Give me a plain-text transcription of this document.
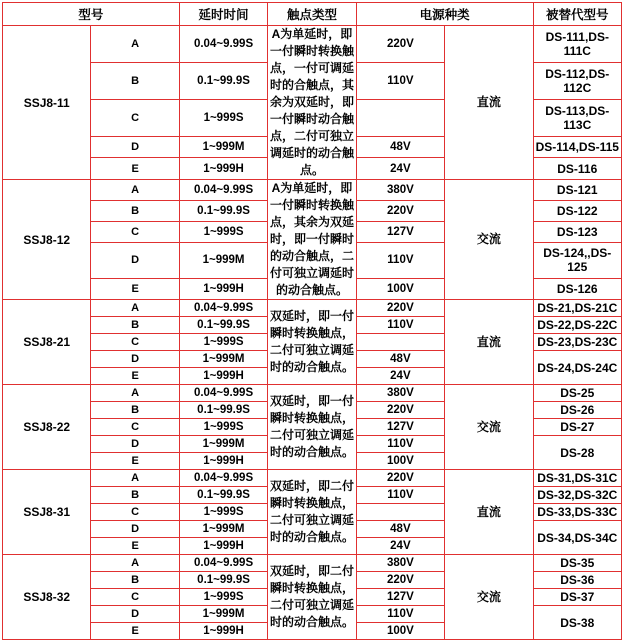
型号		延时时间	触点类型	电源种类		被替代型号
SSJ8-11	A	0.04~9.99S	A为单延时，即一付瞬时转换触点，一付可调延时的合触点，其余为双延时，即一付瞬时动合触点，二付可独立调延时的动合触点。	220V	直流	DS-111,DS-111C
	B	0.1~99.9S		110V		DS-112,DS-112C
	C	1~999S				DS-113,DS-113C
	D	1~999M		48V		DS-114,DS-115
	E	1~999H		24V		DS-116
SSJ8-12	A	0.04~9.99S	A为单延时，即一付瞬时转换触点，其余为双延时，即一付瞬时的动合触点，二付可独立调延时的动合触点。	380V	交流	DS-121
	B	0.1~99.9S		220V		DS-122
	C	1~999S		127V		DS-123
	D	1~999M		110V		DS-124,,DS-125
	E	1~999H		100V		DS-126
SSJ8-21	A	0.04~9.99S	双延时，即一付瞬时转换触点，二付可独立调延时的动合触点。	220V	直流	DS-21,DS-21C
	B	0.1~99.9S		110V		DS-22,DS-22C
	C	1~999S				DS-23,DS-23C
	D	1~999M		48V		DS-24,DS-24C
	E	1~999H		24V		
SSJ8-22	A	0.04~9.99S	双延时，即一付瞬时转换触点，二付可独立调延时的动合触点。	380V	交流	DS-25
	B	0.1~99.9S		220V		DS-26
	C	1~999S		127V		DS-27
	D	1~999M		110V		DS-28
	E	1~999H		100V		
SSJ8-31	A	0.04~9.99S	双延时，即二付瞬时转换触点，二付可独立调延时的动合触点。	220V	直流	DS-31,DS-31C
	B	0.1~99.9S		110V		DS-32,DS-32C
	C	1~999S				DS-33,DS-33C
	D	1~999M		48V		DS-34,DS-34C
	E	1~999H		24V		
SSJ8-32	A	0.04~9.99S	双延时，即二付瞬时转换触点，二付可独立调延时的动合触点。	380V	交流	DS-35
	B	0.1~99.9S		220V		DS-36
	C	1~999S		127V		DS-37
	D	1~999M		110V		DS-38
	E	1~999H		100V		
